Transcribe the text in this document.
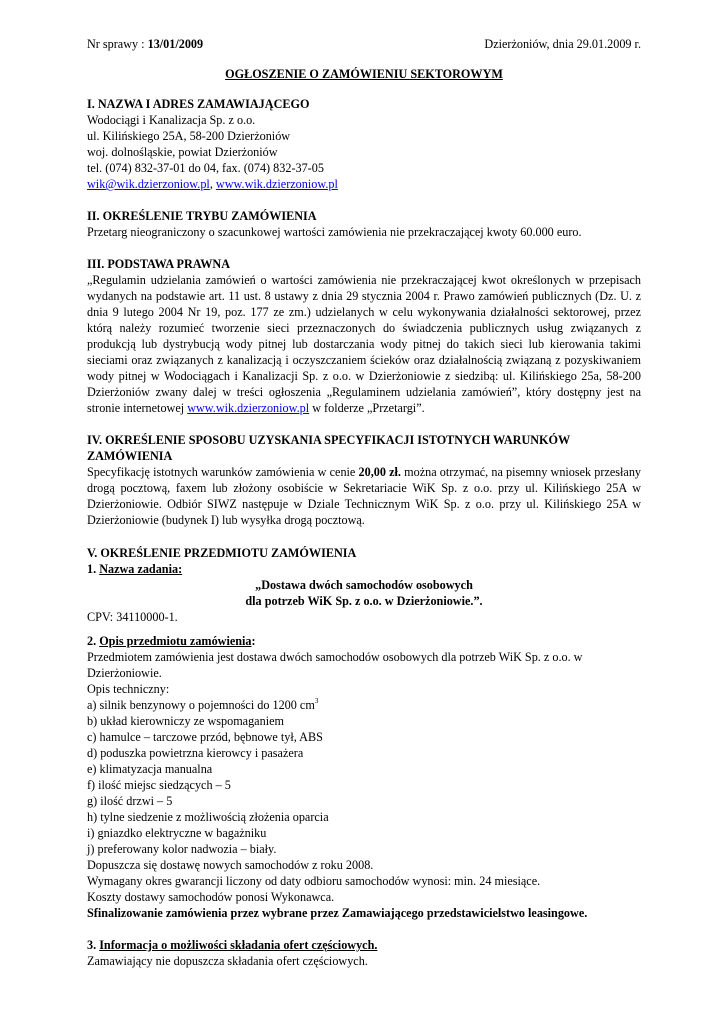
Nr sprawy : 13/01/2009	Dzierżoniów, dnia 29.01.2009 r.
OGŁOSZENIE O ZAMÓWIENIU SEKTOROWYM
I. NAZWA I ADRES ZAMAWIAJĄCEGO

Wodociągi i Kanalizacja Sp. z o.o.

ul. Kilińskiego 25A, 58-200 Dzierżoniów

woj. dolnośląskie, powiat Dzierżoniów

tel. (074) 832-37-01 do 04, fax. (074) 832-37-05

wik@wik.dzierzoniow.pl, www.wik.dzierzoniow.pl

II. OKREŚLENIE TRYBU ZAMÓWIENIA

Przetarg nieograniczony o szacunkowej wartości zamówienia nie przekraczającej kwoty 60.000 euro.

III. PODSTAWA PRAWNA

„Regulamin udzielania zamówień o wartości zamówienia nie przekraczającej kwot określonych w przepisach wydanych na podstawie art. 11 ust. 8 ustawy z dnia 29 stycznia 2004 r. Prawo zamówień publicznych (Dz. U. z dnia 9 lutego 2004 Nr 19, poz. 177 ze zm.) udzielanych w celu wykonywania działalności sektorowej, przez którą należy rozumieć tworzenie sieci przeznaczonych do świadczenia publicznych usług związanych z produkcją lub dystrybucją wody pitnej lub dostarczania wody pitnej do takich sieci lub kierowania takimi sieciami oraz związanych z kanalizacją i oczyszczaniem ścieków oraz działalnością związaną z pozyskiwaniem wody pitnej w Wodociągach i Kanalizacji Sp. z o.o. w Dzierżoniowie z siedzibą: ul. Kilińskiego 25a, 58-200 Dzierżoniów zwany dalej w treści ogłoszenia „Regulaminem udzielania zamówień”, który dostępny jest na stronie internetowej www.wik.dzierzoniow.pl w folderze „Przetargi”.

IV. OKREŚLENIE SPOSOBU UZYSKANIA SPECYFIKACJI ISTOTNYCH WARUNKÓW ZAMÓWIENIA

Specyfikację istotnych warunków zamówienia w cenie 20,00 zł. można otrzymać, na pisemny wniosek przesłany drogą pocztową, faxem lub złożony osobiście w Sekretariacie WiK Sp. z o.o. przy ul. Kilińskiego 25A w Dzierżoniowie. Odbiór SIWZ następuje w Dziale Technicznym WiK Sp. z o.o. przy ul. Kilińskiego 25A w Dzierżoniowie (budynek I) lub wysyłka drogą pocztową.

V. OKREŚLENIE PRZEDMIOTU ZAMÓWIENIA

1. Nazwa zadania:

„Dostawa dwóch samochodów osobowych

dla potrzeb WiK Sp. z o.o. w Dzierżoniowie.”.

CPV: 34110000-1.

2. Opis przedmiotu zamówienia:

Przedmiotem zamówienia jest dostawa dwóch samochodów osobowych dla potrzeb WiK Sp. z o.o. w Dzierżoniowie.

Opis techniczny:

a) silnik benzynowy o pojemności do 1200 $cm^3$

b) układ kierowniczy ze wspomaganiem

c) hamulce – tarczowe przód, bębnowe tył, ABS

d) poduszka powietrzna kierowcy i pasażera

e) klimatyzacja manualna

f) ilość miejsc siedzących – 5

g) ilość drzwi – 5

h) tylne siedzenie z możliwością złożenia oparcia

i) gniazdko elektryczne w bagażniku

j) preferowany kolor nadwozia – biały.

Dopuszcza się dostawę nowych samochodów z roku 2008.

Wymagany okres gwarancji liczony od daty odbioru samochodów wynosi: min. 24 miesiące.

Koszty dostawy samochodów ponosi Wykonawca.

Sfinalizowanie zamówienia przez wybrane przez Zamawiającego przedstawicielstwo leasingowe.

3. Informacja o możliwości składania ofert częściowych.

Zamawiający nie dopuszcza składania ofert częściowych.
